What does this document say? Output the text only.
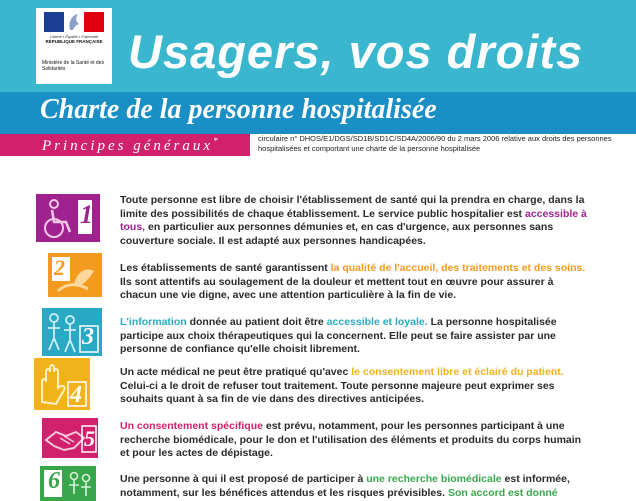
Liberté • Égalité • Fraternité
RÉPUBLIQUE FRANÇAISE
Ministère de la Santé et des Solidarités	Usagers, vos droits
Charte de la personne hospitalisée
Principes généraux*	circulaire n° DHOS/E1/DGS/SD1B/SD1C/SD4A/2006/90 du 2 mars 2006 relative aux droits des personnes hospitalisées et comportant une charte de la personne hospitalisée
1
2
3
4
5
6
Toute personne est libre de choisir l'établissement de santé qui la prendra en charge, dans la limite des possibilités de chaque établissement. Le service public hospitalier est accessible à tous, en particulier aux personnes démunies et, en cas d'urgence, aux personnes sans couverture sociale. Il est adapté aux personnes handicapées.
Les établissements de santé garantissent la qualité de l'accueil, des traitements et des soins. Ils sont attentifs au soulagement de la douleur et mettent tout en œuvre pour assurer à chacun une vie digne, avec une attention particulière à la fin de vie.
L'information donnée au patient doit être accessible et loyale. La personne hospitalisée participe aux choix thérapeutiques qui la concernent. Elle peut se faire assister par une personne de confiance qu'elle choisit librement.
Un acte médical ne peut être pratiqué qu'avec le consentement libre et éclairé du patient. Celui-ci a le droit de refuser tout traitement. Toute personne majeure peut exprimer ses souhaits quant à sa fin de vie dans des directives anticipées.
Un consentement spécifique est prévu, notamment, pour les personnes participant à une recherche biomédicale, pour le don et l'utilisation des éléments et produits du corps humain et pour les actes de dépistage.
Une personne à qui il est proposé de participer à une recherche biomédicale est informée, notamment, sur les bénéfices attendus et les risques prévisibles. Son accord est donné
